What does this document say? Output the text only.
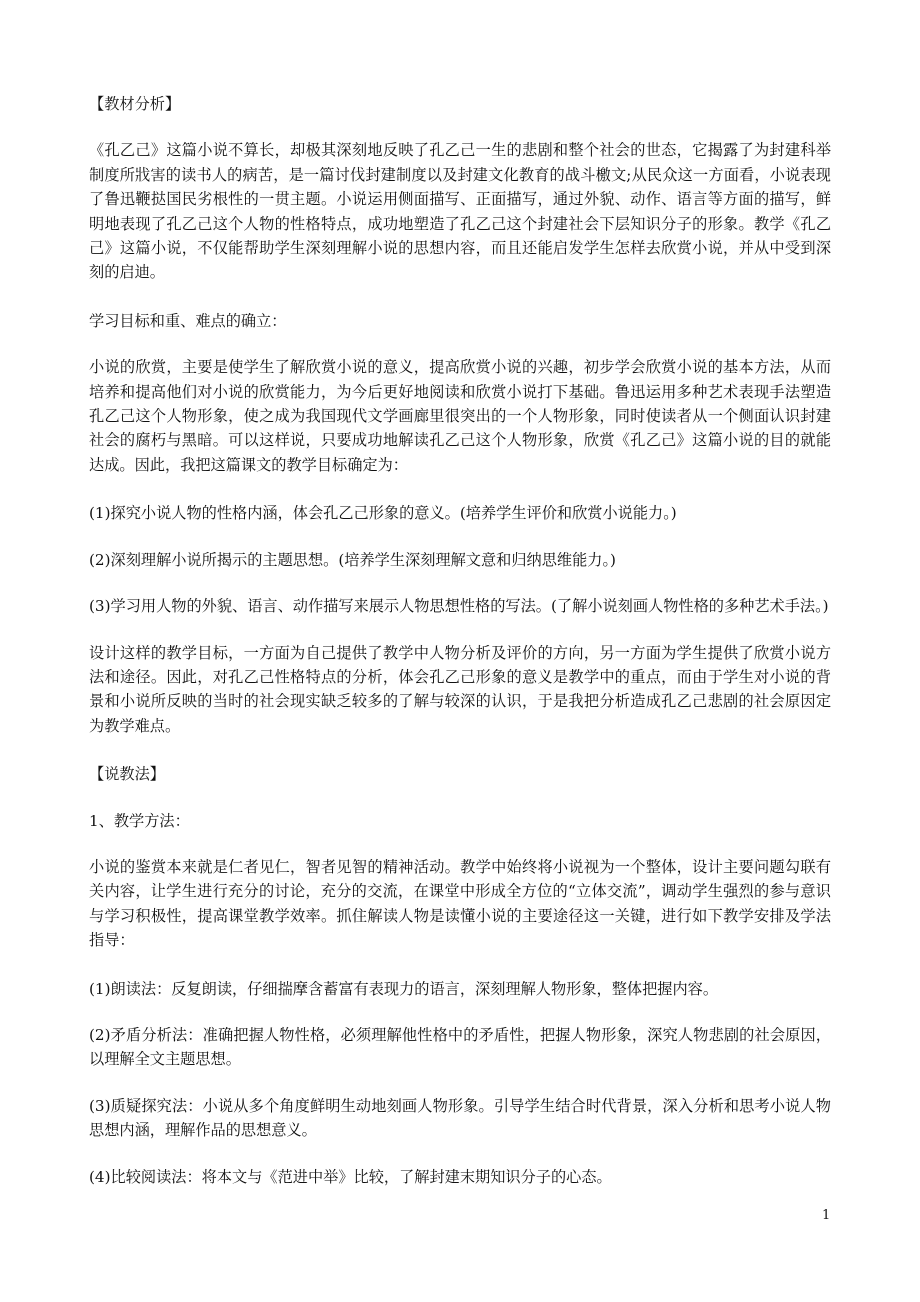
【教材分析】

《孔乙己》这篇小说不算长，却极其深刻地反映了孔乙己一生的悲剧和整个社会的世态，它揭露了为封建科举制度所戕害的读书人的病苦，是一篇讨伐封建制度以及封建文化教育的战斗檄文;从民众这一方面看，小说表现了鲁迅鞭挞国民劣根性的一贯主题。小说运用侧面描写、正面描写，通过外貌、动作、语言等方面的描写，鲜明地表现了孔乙己这个人物的性格特点，成功地塑造了孔乙己这个封建社会下层知识分子的形象。教学《孔乙己》这篇小说，不仅能帮助学生深刻理解小说的思想内容，而且还能启发学生怎样去欣赏小说，并从中受到深刻的启迪。

学习目标和重、难点的确立：

小说的欣赏，主要是使学生了解欣赏小说的意义，提高欣赏小说的兴趣，初步学会欣赏小说的基本方法，从而培养和提高他们对小说的欣赏能力，为今后更好地阅读和欣赏小说打下基础。鲁迅运用多种艺术表现手法塑造孔乙己这个人物形象，使之成为我国现代文学画廊里很突出的一个人物形象，同时使读者从一个侧面认识封建社会的腐朽与黑暗。可以这样说，只要成功地解读孔乙己这个人物形象，欣赏《孔乙己》这篇小说的目的就能达成。因此，我把这篇课文的教学目标确定为：

(1)探究小说人物的性格内涵，体会孔乙己形象的意义。(培养学生评价和欣赏小说能力。)

(2)深刻理解小说所揭示的主题思想。(培养学生深刻理解文意和归纳思维能力。)

(3)学习用人物的外貌、语言、动作描写来展示人物思想性格的写法。(了解小说刻画人物性格的多种艺术手法。)

设计这样的教学目标，一方面为自己提供了教学中人物分析及评价的方向，另一方面为学生提供了欣赏小说方法和途径。因此，对孔乙己性格特点的分析，体会孔乙己形象的意义是教学中的重点，而由于学生对小说的背景和小说所反映的当时的社会现实缺乏较多的了解与较深的认识，于是我把分析造成孔乙己悲剧的社会原因定为教学难点。

【说教法】

1、教学方法：

小说的鉴赏本来就是仁者见仁，智者见智的精神活动。教学中始终将小说视为一个整体，设计主要问题勾联有关内容，让学生进行充分的讨论，充分的交流，在课堂中形成全方位的“立体交流”，调动学生强烈的参与意识与学习积极性，提高课堂教学效率。抓住解读人物是读懂小说的主要途径这一关键，进行如下教学安排及学法指导：

(1)朗读法：反复朗读，仔细揣摩含蓄富有表现力的语言，深刻理解人物形象，整体把握内容。

(2)矛盾分析法：准确把握人物性格，必须理解他性格中的矛盾性，把握人物形象，深究人物悲剧的社会原因，以理解全文主题思想。

(3)质疑探究法：小说从多个角度鲜明生动地刻画人物形象。引导学生结合时代背景，深入分析和思考小说人物思想内涵，理解作品的思想意义。

(4)比较阅读法：将本文与《范进中举》比较，了解封建末期知识分子的心态。

1
